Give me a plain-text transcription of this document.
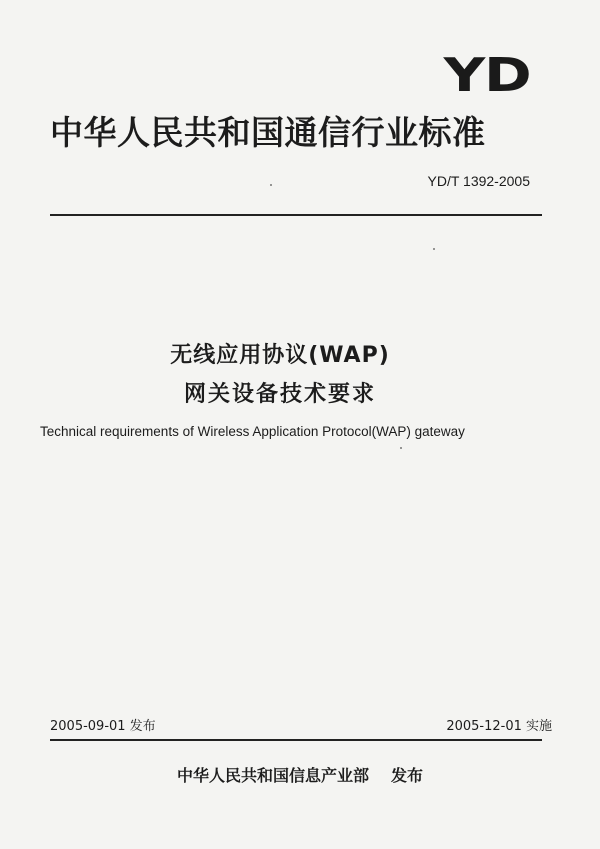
YD
中华人民共和国通信行业标准
YD/T 1392-2005
无线应用协议(WAP)
网关设备技术要求
Technical requirements of Wireless Application Protocol(WAP) gateway
2005-09-01 发布	2005-12-01 实施
中华人民共和国信息产业部 发布
